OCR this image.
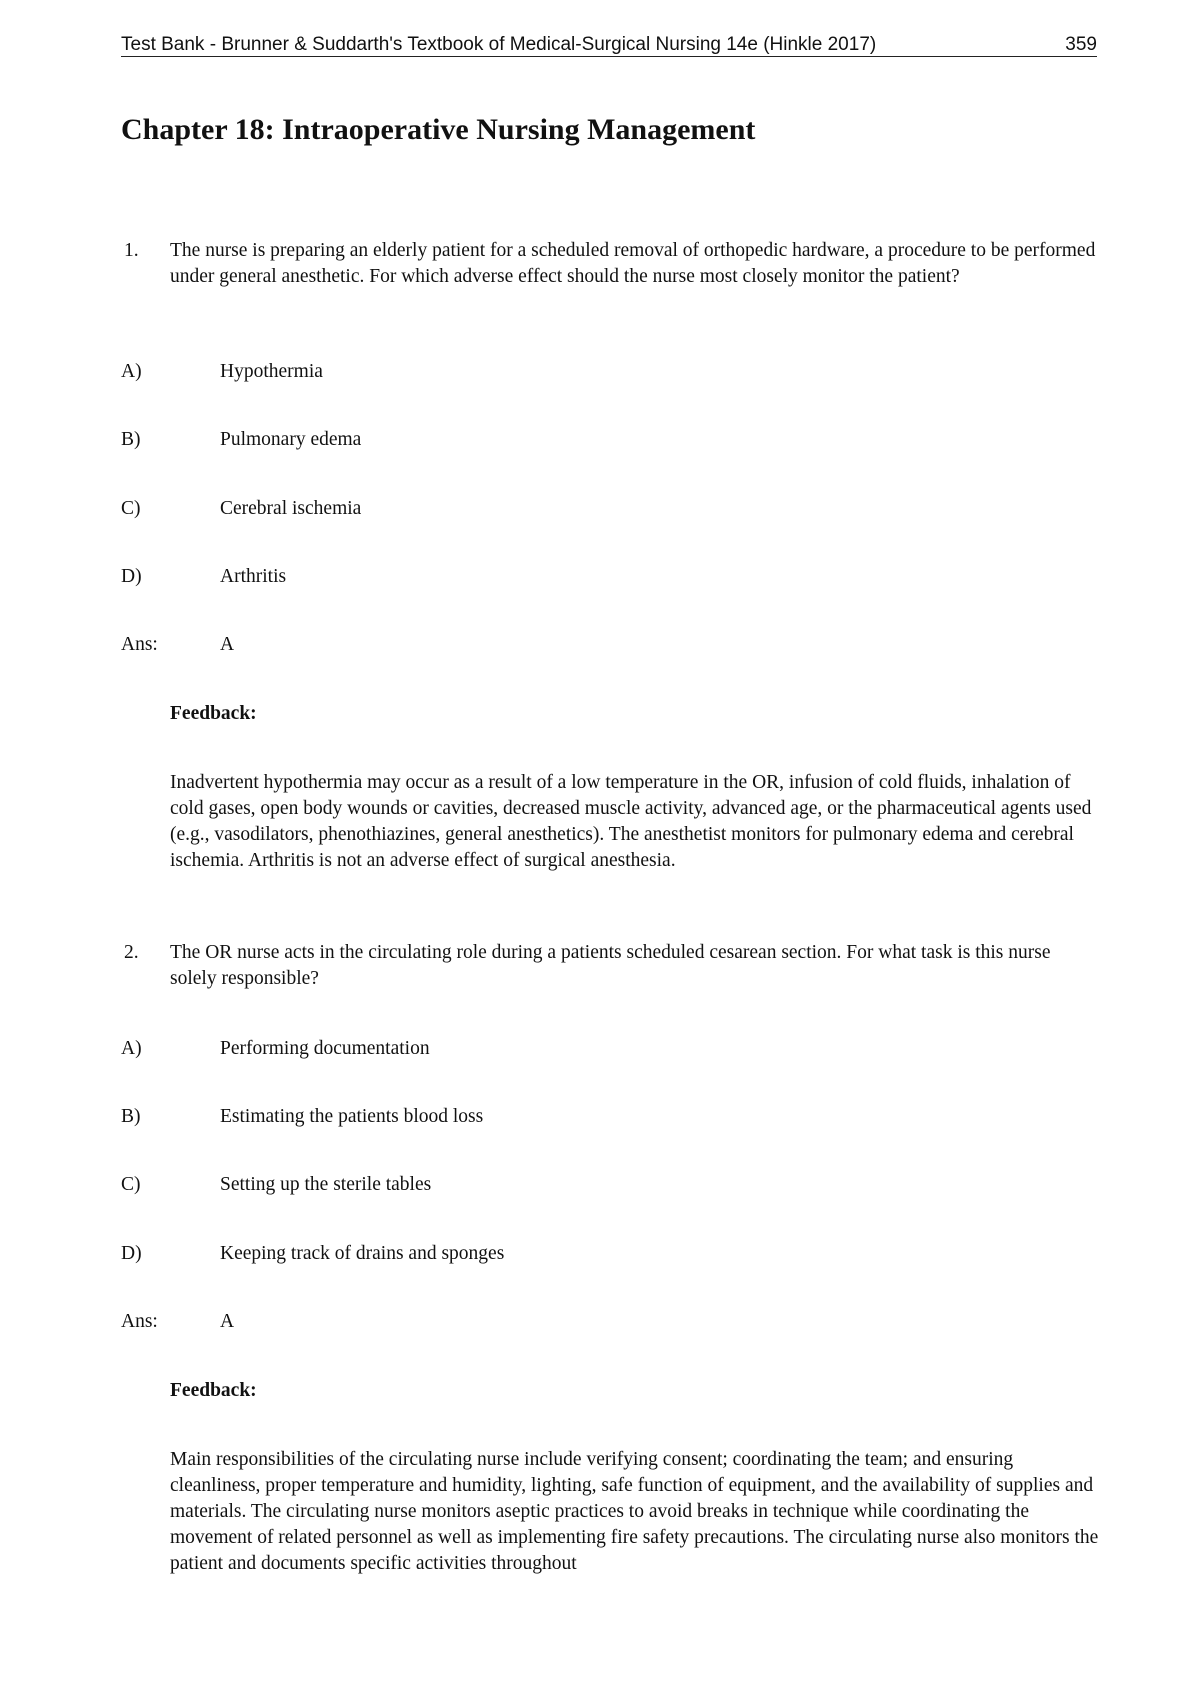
Test Bank - Brunner & Suddarth's Textbook of Medical-Surgical Nursing 14e (Hinkle 2017)	359
Chapter 18: Intraoperative Nursing Management
1. The nurse is preparing an elderly patient for a scheduled removal of orthopedic hardware, a procedure to be performed under general anesthetic. For which adverse effect should the nurse most closely monitor the patient?
A)	Hypothermia
B)	Pulmonary edema
C)	Cerebral ischemia
D)	Arthritis
Ans:	A
Feedback:
Inadvertent hypothermia may occur as a result of a low temperature in the OR, infusion of cold fluids, inhalation of cold gases, open body wounds or cavities, decreased muscle activity, advanced age, or the pharmaceutical agents used (e.g., vasodilators, phenothiazines, general anesthetics). The anesthetist monitors for pulmonary edema and cerebral ischemia. Arthritis is not an adverse effect of surgical anesthesia.
2. The OR nurse acts in the circulating role during a patients scheduled cesarean section. For what task is this nurse solely responsible?
A)	Performing documentation
B)	Estimating the patients blood loss
C)	Setting up the sterile tables
D)	Keeping track of drains and sponges
Ans:	A
Feedback:
Main responsibilities of the circulating nurse include verifying consent; coordinating the team; and ensuring cleanliness, proper temperature and humidity, lighting, safe function of equipment, and the availability of supplies and materials. The circulating nurse monitors aseptic practices to avoid breaks in technique while coordinating the movement of related personnel as well as implementing fire safety precautions. The circulating nurse also monitors the patient and documents specific activities throughout
